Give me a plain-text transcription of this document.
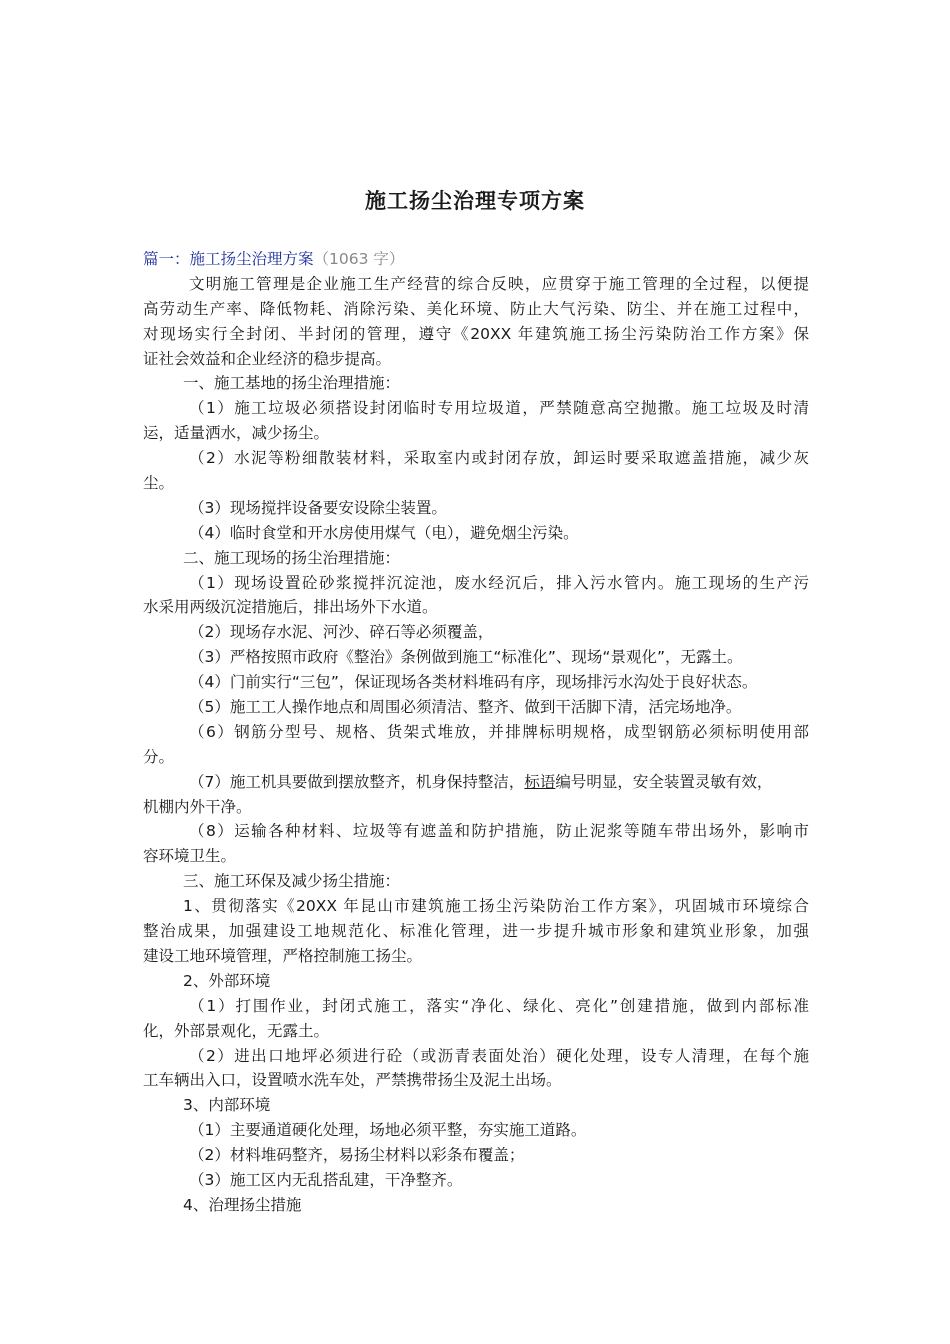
施工扬尘治理专项方案
篇一：施工扬尘治理方案（1063 字）
文明施工管理是企业施工生产经营的综合反映，应贯穿于施工管理的全过程，以便提
高劳动生产率、降低物耗、消除污染、美化环境、防止大气污染、防尘、并在施工过程中，
对现场实行全封闭、半封闭的管理，遵守《20XX 年建筑施工扬尘污染防治工作方案》保
证社会效益和企业经济的稳步提高。
一、施工基地的扬尘治理措施：
（1）施工垃圾必须搭设封闭临时专用垃圾道，严禁随意高空抛撒。施工垃圾及时清
运，适量洒水，减少扬尘。
（2）水泥等粉细散装材料，采取室内或封闭存放，卸运时要采取遮盖措施，减少灰
尘。
（3）现场搅拌设备要安设除尘装置。
（4）临时食堂和开水房使用煤气（电），避免烟尘污染。
二、施工现场的扬尘治理措施：
（1）现场设置砼砂浆搅拌沉淀池，废水经沉后，排入污水管内。施工现场的生产污
水采用两级沉淀措施后，排出场外下水道。
（2）现场存水泥、河沙、碎石等必须覆盖，
（3）严格按照市政府《整治》条例做到施工“标准化”、现场“景观化”，无露土。
（4）门前实行“三包”，保证现场各类材料堆码有序，现场排污水沟处于良好状态。
（5）施工工人操作地点和周围必须清洁、整齐、做到干活脚下清，活完场地净。
（6）钢筋分型号、规格、货架式堆放，并排牌标明规格，成型钢筋必须标明使用部
分。
（7）施工机具要做到摆放整齐，机身保持整洁，标语编号明显，安全装置灵敏有效，
机棚内外干净。
（8）运输各种材料、垃圾等有遮盖和防护措施，防止泥浆等随车带出场外，影响市
容环境卫生。
三、施工环保及减少扬尘措施：
1、贯彻落实《20XX 年昆山市建筑施工扬尘污染防治工作方案》，巩固城市环境综合
整治成果，加强建设工地规范化、标准化管理，进一步提升城市形象和建筑业形象，加强
建设工地环境管理，严格控制施工扬尘。
2、外部环境
（1）打围作业，封闭式施工，落实“净化、绿化、亮化”创建措施，做到内部标准
化，外部景观化，无露土。
（2）进出口地坪必须进行砼（或沥青表面处治）硬化处理，设专人清理，在每个施
工车辆出入口，设置喷水洗车处，严禁携带扬尘及泥土出场。
3、内部环境
（1）主要通道硬化处理，场地必须平整，夯实施工道路。
（2）材料堆码整齐，易扬尘材料以彩条布覆盖；
（3）施工区内无乱搭乱建，干净整齐。
4、治理扬尘措施
